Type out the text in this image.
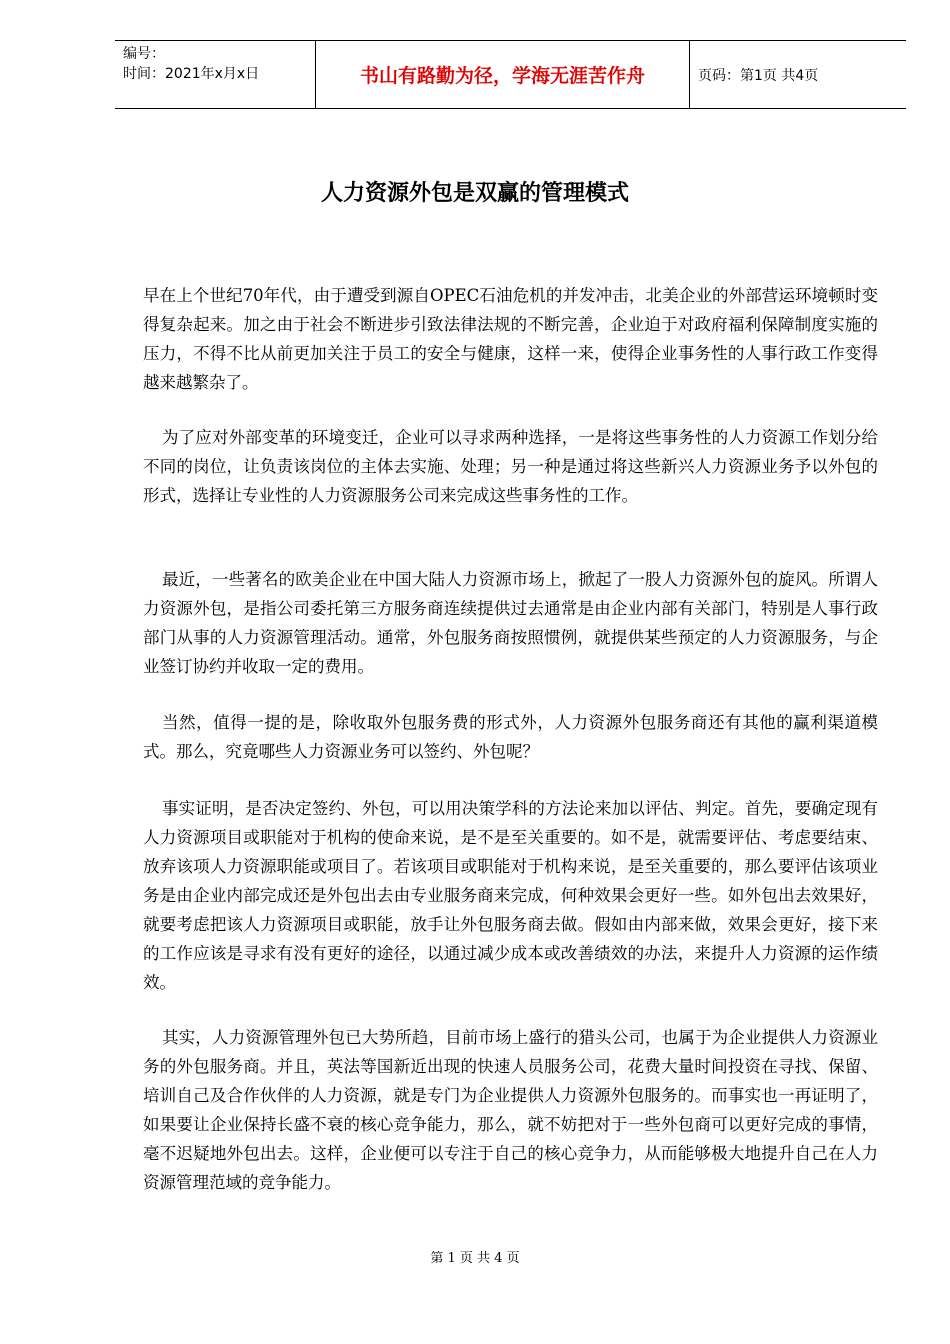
编号：
时间：2021年x月x日	书山有路勤为径，学海无涯苦作舟	页码：第1页 共4页
人力资源外包是双赢的管理模式

早在上个世纪70年代，由于遭受到源自OPEC石油危机的并发冲击，北美企业的外部营运环境顿时变得复杂起来。加之由于社会不断进步引致法律法规的不断完善，企业迫于对政府福利保障制度实施的压力，不得不比从前更加关注于员工的安全与健康，这样一来，使得企业事务性的人事行政工作变得越来越繁杂了。

为了应对外部变革的环境变迁，企业可以寻求两种选择，一是将这些事务性的人力资源工作划分给不同的岗位，让负责该岗位的主体去实施、处理；另一种是通过将这些新兴人力资源业务予以外包的形式，选择让专业性的人力资源服务公司来完成这些事务性的工作。

最近，一些著名的欧美企业在中国大陆人力资源市场上，掀起了一股人力资源外包的旋风。所谓人力资源外包，是指公司委托第三方服务商连续提供过去通常是由企业内部有关部门，特别是人事行政部门从事的人力资源管理活动。通常，外包服务商按照惯例，就提供某些预定的人力资源服务，与企业签订协约并收取一定的费用。

当然，值得一提的是，除收取外包服务费的形式外，人力资源外包服务商还有其他的赢利渠道模式。那么，究竟哪些人力资源业务可以签约、外包呢？

事实证明，是否决定签约、外包，可以用决策学科的方法论来加以评估、判定。首先，要确定现有人力资源项目或职能对于机构的使命来说，是不是至关重要的。如不是，就需要评估、考虑要结束、放弃该项人力资源职能或项目了。若该项目或职能对于机构来说，是至关重要的，那么要评估该项业务是由企业内部完成还是外包出去由专业服务商来完成，何种效果会更好一些。如外包出去效果好，就要考虑把该人力资源项目或职能，放手让外包服务商去做。假如由内部来做，效果会更好，接下来的工作应该是寻求有没有更好的途径，以通过减少成本或改善绩效的办法，来提升人力资源的运作绩效。

其实，人力资源管理外包已大势所趋，目前市场上盛行的猎头公司，也属于为企业提供人力资源业务的外包服务商。并且，英法等国新近出现的快速人员服务公司，花费大量时间投资在寻找、保留、培训自己及合作伙伴的人力资源，就是专门为企业提供人力资源外包服务的。而事实也一再证明了，如果要让企业保持长盛不衰的核心竞争能力，那么，就不妨把对于一些外包商可以更好完成的事情，毫不迟疑地外包出去。这样，企业便可以专注于自己的核心竞争力，从而能够极大地提升自己在人力资源管理范域的竞争能力。

第 1 页 共 4 页
